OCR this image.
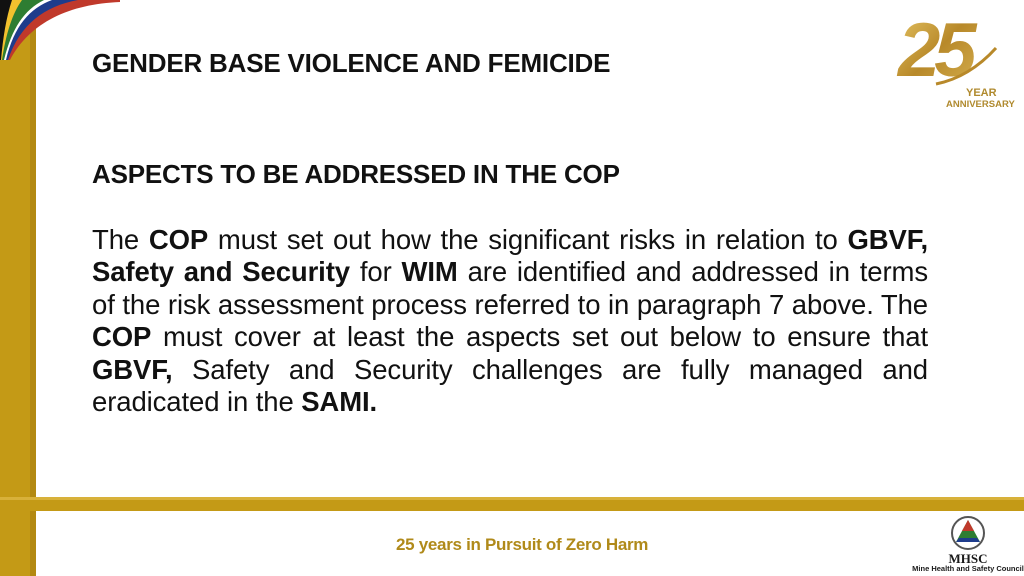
GENDER BASE VIOLENCE AND FEMICIDE
ASPECTS TO BE ADDRESSED IN THE COP

The COP must set out how the significant risks in relation to GBVF, Safety and Security for WIM are identified and addressed in terms of the risk assessment process referred to in paragraph 7 above. The COP must cover at least the aspects set out below to ensure that GBVF, Safety and Security challenges are fully managed and eradicated in the SAMI.

25
YEAR
ANNIVERSARY
25 years in Pursuit of Zero Harm
MHSC
Mine Health and Safety Council
